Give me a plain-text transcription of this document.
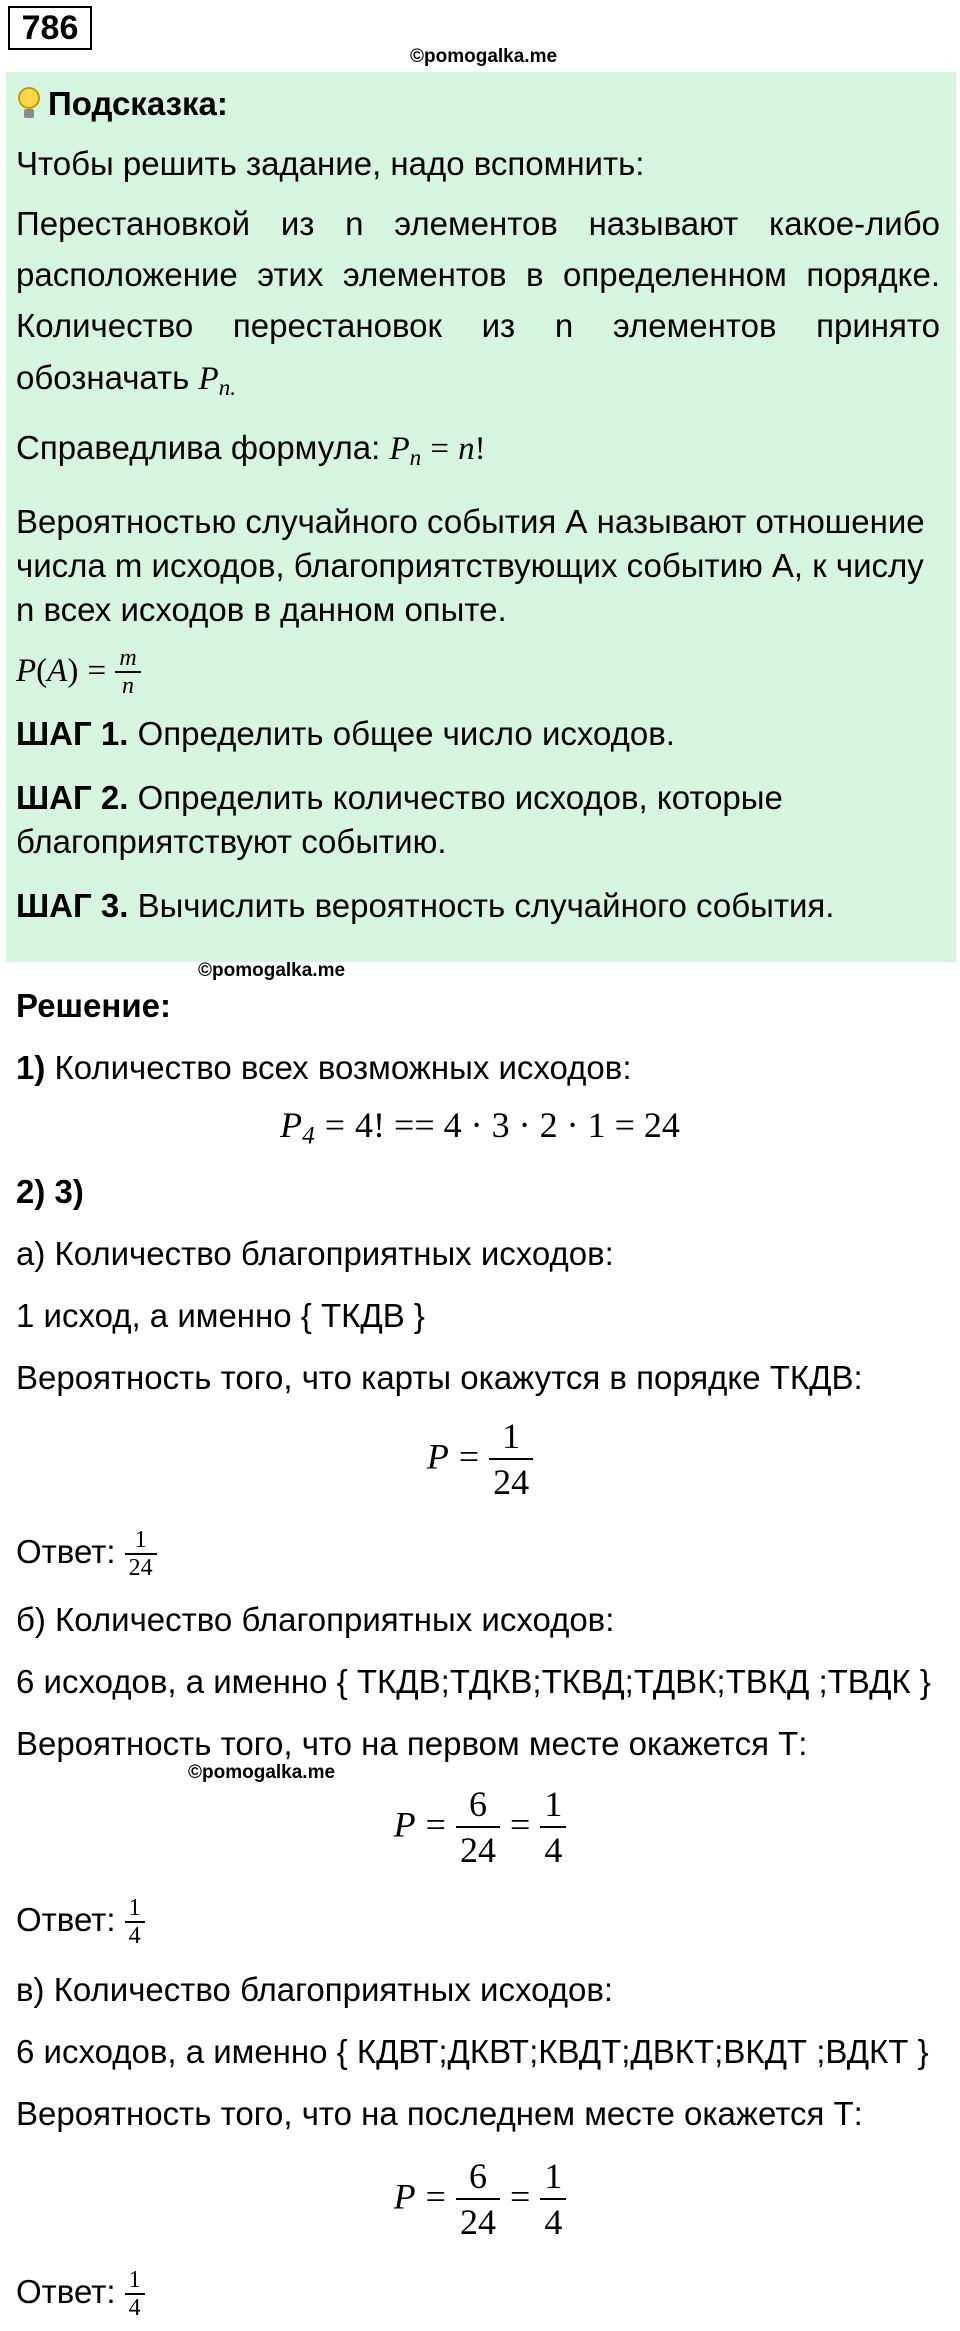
786
©pomogalka.me
Подсказка:
Чтобы решить задание, надо вспомнить:
Перестановкой из n элементов называют какое-либо
расположение этих элементов в определенном порядке.
Количество перестановок из n элементов принято
обозначать $P_{n.}$
Справедлива формула: $P_n = n$!
Вероятностью случайного события А называют отношение
числа m исходов, благоприятствующих событию А, к числу
n всех исходов в данном опыте.
$P(A) = \frac{m}{n}$
ШАГ 1. Определить общее число исходов.
ШАГ 2. Определить количество исходов, которые
благоприятствуют событию.
ШАГ 3. Вычислить вероятность случайного события.
©pomogalka.me
Решение:
1) Количество всех возможных исходов:
$P_4 = 4$! == 4 · 3 · 2 · 1 = 24
2) 3)
а) Количество благоприятных исходов:
1 исход, а именно { ТКДВ }
Вероятность того, что карты окажутся в порядке ТКДВ:
$P = \frac{1}{24}$
Ответ: $\frac{1}{24}$
б) Количество благоприятных исходов:
6 исходов, а именно { ТКДВ;ТДКВ;ТКВД;ТДВК;ТВКД ;ТВДК }
Вероятность того, что на первом месте окажется Т:
©pomogalka.me
$P = \frac{6}{24} = \frac{1}{4}$
Ответ: $\frac{1}{4}$
в) Количество благоприятных исходов:
6 исходов, а именно { КДВТ;ДКВТ;КВДТ;ДВКТ;ВКДТ ;ВДКТ }
Вероятность того, что на последнем месте окажется Т:
$P = \frac{6}{24} = \frac{1}{4}$
Ответ: $\frac{1}{4}$
